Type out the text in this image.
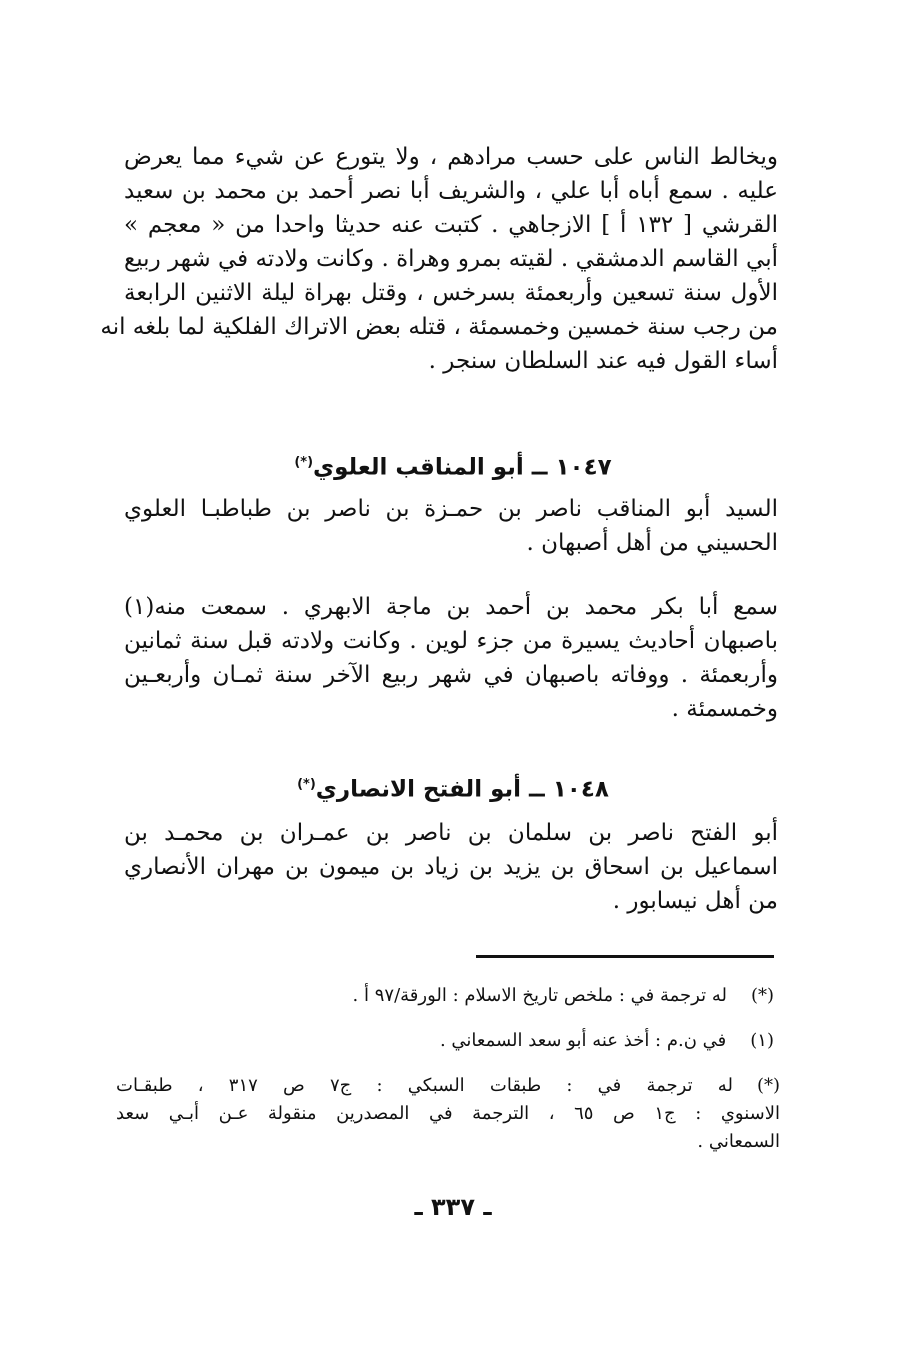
ويخالط الناس على حسب مرادهم ، ولا يتورع عن شيء مما يعرض
عليه . سمع أباه أبا علي ، والشريف أبا نصر أحمد بن محمد بن سعيد
القرشي [ ١٣٢ أ ] الازجاهي . كتبت عنه حديثا واحدا من « معجم »
أبي القاسم الدمشقي . لقيته بمرو وهراة . وكانت ولادته في شهر ربيع
الأول سنة تسعين وأربعمئة بسرخس ، وقتل بهراة ليلة الاثنين الرابعة
من رجب سنة خمسين وخمسمئة ، قتله بعض الاتراك الفلكية لما بلغه انه
أساء القول فيه عند السلطان سنجر .
١٠٤٧ ــ أبو المناقب العلوي(*)
السيد أبو المناقب ناصر بن حمـزة بن ناصر بن طباطبـا العلوي
الحسيني من أهل أصبهان .
سمع أبا بكر محمد بن أحمد بن ماجة الابهري . سمعت منه(١)
باصبهان أحاديث يسيرة من جزء لوين . وكانت ولادته قبل سنة ثمانين
وأربعمئة . ووفاته باصبهان في شهر ربيع الآخر سنة ثمـان وأربعـين
وخمسمئة .
١٠٤٨ ــ أبو الفتح الانصاري(*)
أبو الفتح ناصر بن سلمان بن ناصر بن عمـران بن محمـد بن
اسماعيل بن اسحاق بن يزيد بن زياد بن ميمون بن مهران الأنصاري
من أهل نيسابور .
(*)له ترجمة في : ملخص تاريخ الاسلام : الورقة/٩٧ أ .
(١)في ن.م : أخذ عنه أبو سعد السمعاني .
(*)له ترجمة في : طبقات السبكي : ج٧ ص ٣١٧ ، طبقـات
الاسنوي : ج١ ص ٦٥ ، الترجمة في المصدرين منقولة عـن أبـي سعد
السمعاني .
ـ ٣٣٧ ـ
